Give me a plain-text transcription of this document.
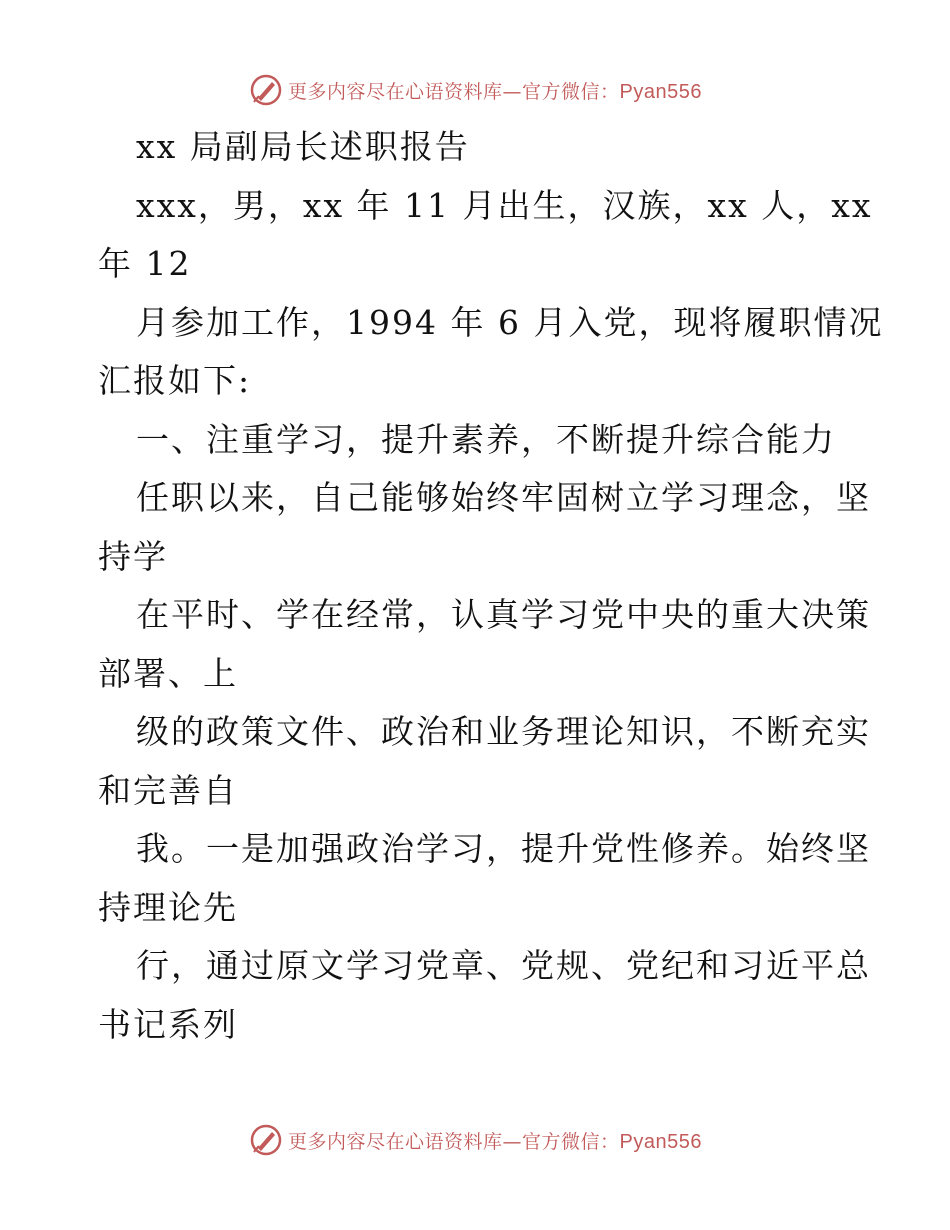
更多内容尽在心语资料库—官方微信：Pyan556
xx 局副局长述职报告
xxx，男，xx 年 11 月出生，汉族，xx 人，xx
年 12
月参加工作，1994 年 6 月入党，现将履职情况
汇报如下:
一、注重学习，提升素养，不断提升综合能力
任职以来，自己能够始终牢固树立学习理念，坚
持学
在平时、学在经常，认真学习党中央的重大决策
部署、上
级的政策文件、政治和业务理论知识，不断充实
和完善自
我。一是加强政治学习，提升党性修养。始终坚
持理论先
行，通过原文学习党章、党规、党纪和习近平总
书记系列
更多内容尽在心语资料库—官方微信：Pyan556
